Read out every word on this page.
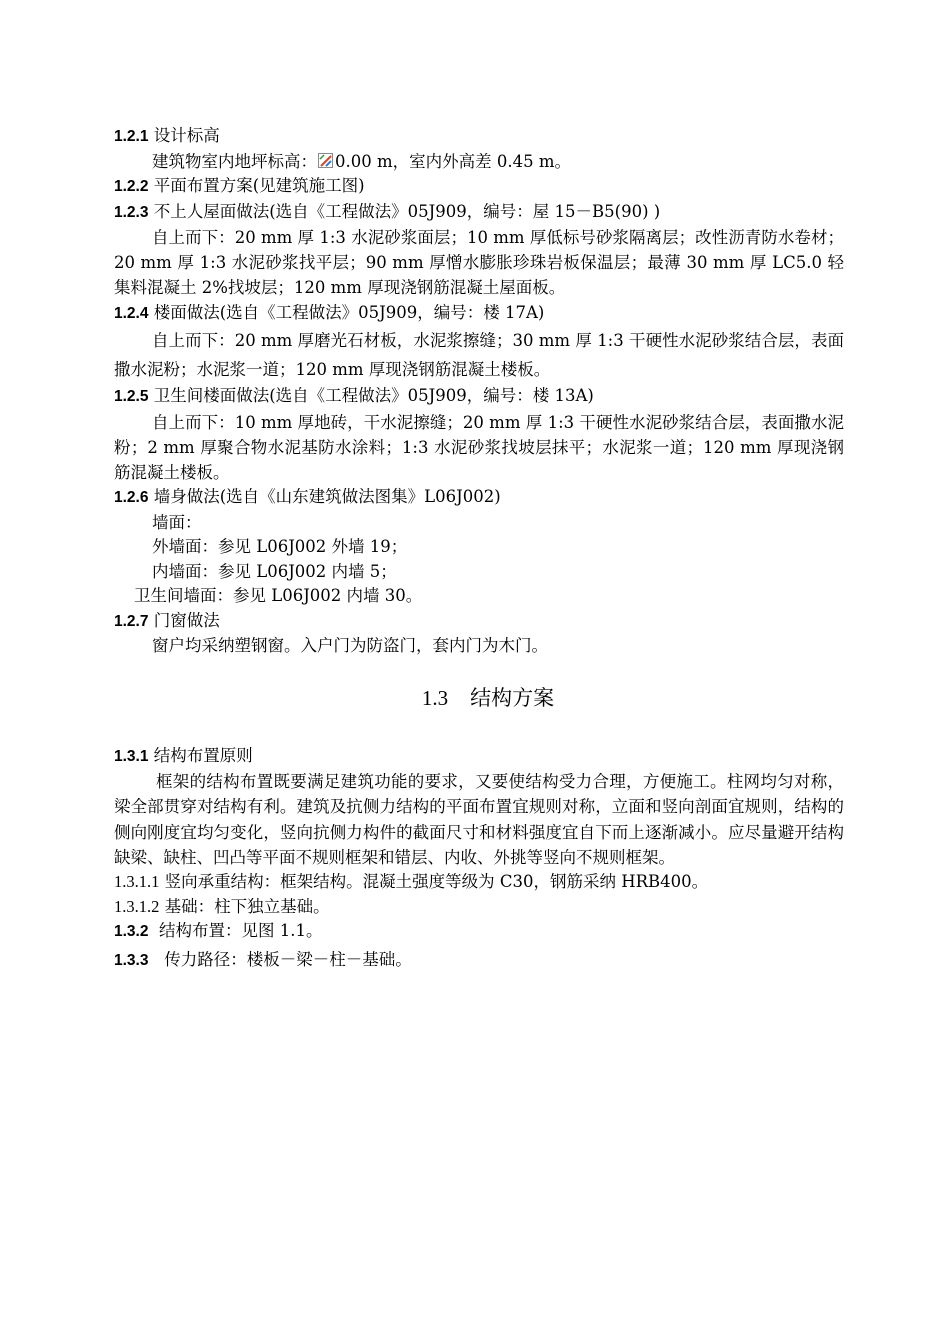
1.2.1 设计标高
建筑物室内地坪标高： 0.00 m，室内外高差 0.45 m。
1.2.2 平面布置方案(见建筑施工图)
1.2.3 不上人屋面做法(选自《工程做法》05J909，编号：屋 15－B5(90) )
自上而下：20 mm 厚 1:3 水泥砂浆面层；10 mm 厚低标号砂浆隔离层；改性沥青防水卷材；20 mm 厚 1:3 水泥砂浆找平层；90 mm 厚憎水膨胀珍珠岩板保温层；最薄 30 mm 厚 LC5.0 轻集料混凝土 2%找坡层；120 mm 厚现浇钢筋混凝土屋面板。
1.2.4 楼面做法(选自《工程做法》05J909，编号：楼 17A)
自上而下：20 mm 厚磨光石材板，水泥浆擦缝；30 mm 厚 1:3 干硬性水泥砂浆结合层，表面撒水泥粉；水泥浆一道；120 mm 厚现浇钢筋混凝土楼板。
1.2.5 卫生间楼面做法(选自《工程做法》05J909，编号：楼 13A)
自上而下：10 mm 厚地砖，干水泥擦缝；20 mm 厚 1:3 干硬性水泥砂浆结合层，表面撒水泥粉；2 mm 厚聚合物水泥基防水涂料；1:3 水泥砂浆找坡层抹平；水泥浆一道；120 mm 厚现浇钢筋混凝土楼板。
1.2.6 墙身做法(选自《山东建筑做法图集》L06J002)
墙面：
外墙面：参见 L06J002 外墙 19；
内墙面：参见 L06J002 内墙 5；
卫生间墙面：参见 L06J002 内墙 30。
1.2.7 门窗做法
窗户均采纳塑钢窗。入户门为防盗门，套内门为木门。
1.3 结构方案
1.3.1 结构布置原则
框架的结构布置既要满足建筑功能的要求，又要使结构受力合理，方便施工。柱网均匀对称，梁全部贯穿对结构有利。建筑及抗侧力结构的平面布置宜规则对称，立面和竖向剖面宜规则，结构的侧向刚度宜均匀变化，竖向抗侧力构件的截面尺寸和材料强度宜自下而上逐渐减小。应尽量避开结构缺梁、缺柱、凹凸等平面不规则框架和错层、内收、外挑等竖向不规则框架。
1.3.1.1 竖向承重结构：框架结构。混凝土强度等级为 C30，钢筋采纳 HRB400。
1.3.1.2 基础：柱下独立基础。
1.3.2 结构布置：见图 1.1。
1.3.3 传力路径：楼板－梁－柱－基础。
